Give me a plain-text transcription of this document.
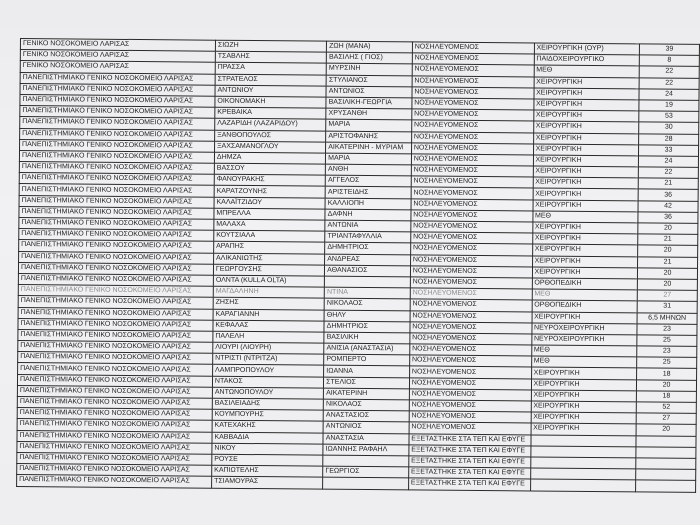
ΓΕΝΙΚΟ ΝΟΣΟΚΟΜΕΙΟ ΛΑΡΙΣΑΣ	ΣΙΩΖΗ	ΖΩΗ (ΜΑΝΑ)	ΝΟΣΗΛΕΥΟΜΕΝΟΣ	ΧΕΙΡΟΥΡΓΙΚΗ (ΟΥΡ)	39
ΓΕΝΙΚΟ ΝΟΣΟΚΟΜΕΙΟ ΛΑΡΙΣΑΣ	ΤΣΑΒΛΗΣ	ΒΑΣΙΛΗΣ ( ΓΙΟΣ)	ΝΟΣΗΛΕΥΟΜΕΝΟΣ	ΠΑΙΔΟΧΕΙΡΟΥΡΓΙΚΟ	8
ΓΕΝΙΚΟ ΝΟΣΟΚΟΜΕΙΟ ΛΑΡΙΣΑΣ	ΠΡΑΣΣΑ	ΜΥΡΣΙΝΗ	ΝΟΣΗΛΕΥΟΜΕΝΟΣ	ΜΕΘ	22
ΠΑΝΕΠΙΣΤΗΜΙΑΚΟ ΓΕΝΙΚΟ ΝΟΣΟΚΟΜΕΙΟ ΛΑΡΙΣΑΣ	ΣΤΡΑΤΕΛΟΣ	ΣΤΥΛΙΑΝΟΣ	ΝΟΣΗΛΕΥΟΜΕΝΟΣ	ΧΕΙΡΟΥΡΓΙΚΗ	22
ΠΑΝΕΠΙΣΤΗΜΙΑΚΟ ΓΕΝΙΚΟ ΝΟΣΟΚΟΜΕΙΟ ΛΑΡΙΣΑΣ	ΑΝΤΩΝΙΟΥ	ΑΝΤΩΝΙΟΣ	ΝΟΣΗΛΕΥΟΜΕΝΟΣ	ΧΕΙΡΟΥΡΓΙΚΗ	24
ΠΑΝΕΠΙΣΤΗΜΙΑΚΟ ΓΕΝΙΚΟ ΝΟΣΟΚΟΜΕΙΟ ΛΑΡΙΣΑΣ	ΟΙΚΟΝΟΜΑΚΗ	ΒΑΣΙΛΙΚΗ-ΓΕΩΡΓΙΑ	ΝΟΣΗΛΕΥΟΜΕΝΟΣ	ΧΕΙΡΟΥΡΓΙΚΗ	19
ΠΑΝΕΠΙΣΤΗΜΙΑΚΟ ΓΕΝΙΚΟ ΝΟΣΟΚΟΜΕΙΟ ΛΑΡΙΣΑΣ	ΚΡΕΒΑΙΚΑ	ΧΡΥΣΑΝΘΗ	ΝΟΣΗΛΕΥΟΜΕΝΟΣ	ΧΕΙΡΟΥΡΓΙΚΗ	53
ΠΑΝΕΠΙΣΤΗΜΙΑΚΟ ΓΕΝΙΚΟ ΝΟΣΟΚΟΜΕΙΟ ΛΑΡΙΣΑΣ	ΛΑΖΑΡΙΔΗ (ΛΑΖΑΡΙΔΟΥ)	ΜΑΡΙΑ	ΝΟΣΗΛΕΥΟΜΕΝΟΣ	ΧΕΙΡΟΥΡΓΙΚΗ	30
ΠΑΝΕΠΙΣΤΗΜΙΑΚΟ ΓΕΝΙΚΟ ΝΟΣΟΚΟΜΕΙΟ ΛΑΡΙΣΑΣ	ΞΑΝΘΟΠΟΥΛΟΣ	ΑΡΙΣΤΟΦΑΝΗΣ	ΝΟΣΗΛΕΥΟΜΕΝΟΣ	ΧΕΙΡΟΥΡΓΙΚΗ	28
ΠΑΝΕΠΙΣΤΗΜΙΑΚΟ ΓΕΝΙΚΟ ΝΟΣΟΚΟΜΕΙΟ ΛΑΡΙΣΑΣ	ΞΑΧΣΑΜΑΝΟΓΛΟΥ	ΑΙΚΑΤΕΡΙΝΗ - ΜΥΡΙΑΜ	ΝΟΣΗΛΕΥΟΜΕΝΟΣ	ΧΕΙΡΟΥΡΓΙΚΗ	33
ΠΑΝΕΠΙΣΤΗΜΙΑΚΟ ΓΕΝΙΚΟ ΝΟΣΟΚΟΜΕΙΟ ΛΑΡΙΣΑΣ	ΔΗΜΖΑ	ΜΑΡΙΑ	ΝΟΣΗΛΕΥΟΜΕΝΟΣ	ΧΕΙΡΟΥΡΓΙΚΗ	24
ΠΑΝΕΠΙΣΤΗΜΙΑΚΟ ΓΕΝΙΚΟ ΝΟΣΟΚΟΜΕΙΟ ΛΑΡΙΣΑΣ	ΒΑΣΣΟΥ	ΑΝΘΗ	ΝΟΣΗΛΕΥΟΜΕΝΟΣ	ΧΕΙΡΟΥΡΓΙΚΗ	22
ΠΑΝΕΠΙΣΤΗΜΙΑΚΟ ΓΕΝΙΚΟ ΝΟΣΟΚΟΜΕΙΟ ΛΑΡΙΣΑΣ	ΦΑΝΟΥΡΑΚΗΣ	ΑΓΓΕΛΟΣ	ΝΟΣΗΛΕΥΟΜΕΝΟΣ	ΧΕΙΡΟΥΡΓΙΚΗ	21
ΠΑΝΕΠΙΣΤΗΜΙΑΚΟ ΓΕΝΙΚΟ ΝΟΣΟΚΟΜΕΙΟ ΛΑΡΙΣΑΣ	ΚΑΡΑΤΖΟΥΝΗΣ	ΑΡΙΣΤΕΙΔΗΣ	ΝΟΣΗΛΕΥΟΜΕΝΟΣ	ΧΕΙΡΟΥΡΓΙΚΗ	36
ΠΑΝΕΠΙΣΤΗΜΙΑΚΟ ΓΕΝΙΚΟ ΝΟΣΟΚΟΜΕΙΟ ΛΑΡΙΣΑΣ	ΚΑΛΑΪΤΖΙΔΟΥ	ΚΑΛΛΙΟΠΗ	ΝΟΣΗΛΕΥΟΜΕΝΟΣ	ΧΕΙΡΟΥΡΓΙΚΗ	42
ΠΑΝΕΠΙΣΤΗΜΙΑΚΟ ΓΕΝΙΚΟ ΝΟΣΟΚΟΜΕΙΟ ΛΑΡΙΣΑΣ	ΜΠΡΕΛΛΑ	ΔΑΦΝΗ	ΝΟΣΗΛΕΥΟΜΕΝΟΣ	ΜΕΘ	36
ΠΑΝΕΠΙΣΤΗΜΙΑΚΟ ΓΕΝΙΚΟ ΝΟΣΟΚΟΜΕΙΟ ΛΑΡΙΣΑΣ	ΜΑΛΑΧΑ	ΑΝΤΩΝΙΑ	ΝΟΣΗΛΕΥΟΜΕΝΟΣ	ΧΕΙΡΟΥΡΓΙΚΗ	20
ΠΑΝΕΠΙΣΤΗΜΙΑΚΟ ΓΕΝΙΚΟ ΝΟΣΟΚΟΜΕΙΟ ΛΑΡΙΣΑΣ	ΚΟΥΤΣΙΑΛΑ	ΤΡΙΑΝΤΑΦΥΛΛΙΑ	ΝΟΣΗΛΕΥΟΜΕΝΟΣ	ΧΕΙΡΟΥΡΓΙΚΗ	21
ΠΑΝΕΠΙΣΤΗΜΙΑΚΟ ΓΕΝΙΚΟ ΝΟΣΟΚΟΜΕΙΟ ΛΑΡΙΣΑΣ	ΑΡΑΠΗΣ	ΔΗΜΗΤΡΙΟΣ	ΝΟΣΗΛΕΥΟΜΕΝΟΣ	ΧΕΙΡΟΥΡΓΙΚΗ	20
ΠΑΝΕΠΙΣΤΗΜΙΑΚΟ ΓΕΝΙΚΟ ΝΟΣΟΚΟΜΕΙΟ ΛΑΡΙΣΑΣ	ΑΛΙΚΑΝΙΩΤΗΣ	ΑΝΔΡΕΑΣ	ΝΟΣΗΛΕΥΟΜΕΝΟΣ	ΧΕΙΡΟΥΡΓΙΚΗ	21
ΠΑΝΕΠΙΣΤΗΜΙΑΚΟ ΓΕΝΙΚΟ ΝΟΣΟΚΟΜΕΙΟ ΛΑΡΙΣΑΣ	ΓΕΩΡΓΟΥΣΗΣ	ΑΘΑΝΑΣΙΟΣ	ΝΟΣΗΛΕΥΟΜΕΝΟΣ	ΧΕΙΡΟΥΡΓΙΚΗ	20
ΠΑΝΕΠΙΣΤΗΜΙΑΚΟ ΓΕΝΙΚΟ ΝΟΣΟΚΟΜΕΙΟ ΛΑΡΙΣΑΣ	ΟΛΝΤΑ (KULLA OLTA)		ΝΟΣΗΛΕΥΟΜΕΝΟΣ	ΟΡΘΟΠΕΔΙΚΗ	20
ΠΑΝΕΠΙΣΤΗΜΙΑΚΟ ΓΕΝΙΚΟ ΝΟΣΟΚΟΜΕΙΟ ΛΑΡΙΣΑΣ	ΜΑΓΔΑΛΗΝΗ	ΝΤΙΝΑ	ΝΟΣΗΛΕΥΟΜΕΝΟΣ	ΜΕΘ	27
ΠΑΝΕΠΙΣΤΗΜΙΑΚΟ ΓΕΝΙΚΟ ΝΟΣΟΚΟΜΕΙΟ ΛΑΡΙΣΑΣ	ΖΗΣΗΣ	ΝΙΚΟΛΑΟΣ	ΝΟΣΗΛΕΥΟΜΕΝΟΣ	ΟΡΘΟΠΕΔΙΚΗ	31
ΠΑΝΕΠΙΣΤΗΜΙΑΚΟ ΓΕΝΙΚΟ ΝΟΣΟΚΟΜΕΙΟ ΛΑΡΙΣΑΣ	ΚΑΡΑΓΙΑΝΝΗ	ΘΗΛΥ	ΝΟΣΗΛΕΥΟΜΕΝΟΣ	ΧΕΙΡΟΥΡΓΙΚΗ	6,5 ΜΗΝΩΝ
ΠΑΝΕΠΙΣΤΗΜΙΑΚΟ ΓΕΝΙΚΟ ΝΟΣΟΚΟΜΕΙΟ ΛΑΡΙΣΑΣ	ΚΕΦΑΛΑΣ	ΔΗΜΗΤΡΙΟΣ	ΝΟΣΗΛΕΥΟΜΕΝΟΣ	ΝΕΥΡΟΧΕΙΡΟΥΡΓΙΚΗ	23
ΠΑΝΕΠΙΣΤΗΜΙΑΚΟ ΓΕΝΙΚΟ ΝΟΣΟΚΟΜΕΙΟ ΛΑΡΙΣΑΣ	ΠΑΛΕΛΗ	ΒΑΣΙΛΙΚΗ	ΝΟΣΗΛΕΥΟΜΕΝΟΣ	ΝΕΥΡΟΧΕΙΡΟΥΡΓΙΚΗ	25
ΠΑΝΕΠΙΣΤΗΜΙΑΚΟ ΓΕΝΙΚΟ ΝΟΣΟΚΟΜΕΙΟ ΛΑΡΙΣΑΣ	ΛΙΟΥΡΙ (ΛΙΟΥΡΗ)	ΑΝΙΣΙΑ (ΑΝΑΣΤΑΣΙΑ)	ΝΟΣΗΛΕΥΟΜΕΝΟΣ	ΜΕΘ	23
ΠΑΝΕΠΙΣΤΗΜΙΑΚΟ ΓΕΝΙΚΟ ΝΟΣΟΚΟΜΕΙΟ ΛΑΡΙΣΑΣ	ΝΤΡΙΣΤΙ (ΝΤΡΙΤΖΑ)	ΡΟΜΠΕΡΤΟ	ΝΟΣΗΛΕΥΟΜΕΝΟΣ	ΜΕΘ	25
ΠΑΝΕΠΙΣΤΗΜΙΑΚΟ ΓΕΝΙΚΟ ΝΟΣΟΚΟΜΕΙΟ ΛΑΡΙΣΑΣ	ΛΑΜΠΡΟΠΟΥΛΟΥ	ΙΩΑΝΝΑ	ΝΟΣΗΛΕΥΟΜΕΝΟΣ	ΧΕΙΡΟΥΡΓΙΚΗ	18
ΠΑΝΕΠΙΣΤΗΜΙΑΚΟ ΓΕΝΙΚΟ ΝΟΣΟΚΟΜΕΙΟ ΛΑΡΙΣΑΣ	ΝΤΑΚΟΣ	ΣΤΕΛΙΟΣ	ΝΟΣΗΛΕΥΟΜΕΝΟΣ	ΧΕΙΡΟΥΡΓΙΚΗ	20
ΠΑΝΕΠΙΣΤΗΜΙΑΚΟ ΓΕΝΙΚΟ ΝΟΣΟΚΟΜΕΙΟ ΛΑΡΙΣΑΣ	ΑΝΤΩΝΟΠΟΥΛΟΥ	ΑΙΚΑΤΕΡΙΝΗ	ΝΟΣΗΛΕΥΟΜΕΝΟΣ	ΧΕΙΡΟΥΡΓΙΚΗ	18
ΠΑΝΕΠΙΣΤΗΜΙΑΚΟ ΓΕΝΙΚΟ ΝΟΣΟΚΟΜΕΙΟ ΛΑΡΙΣΑΣ	ΒΑΣΙΛΕΙΑΔΗΣ	ΝΙΚΟΛΑΟΣ	ΝΟΣΗΛΕΥΟΜΕΝΟΣ	ΧΕΙΡΟΥΡΓΙΚΗ	52
ΠΑΝΕΠΙΣΤΗΜΙΑΚΟ ΓΕΝΙΚΟ ΝΟΣΟΚΟΜΕΙΟ ΛΑΡΙΣΑΣ	ΚΟΥΜΠΟΥΡΗΣ	ΑΝΑΣΤΑΣΙΟΣ	ΝΟΣΗΛΕΥΟΜΕΝΟΣ	ΧΕΙΡΟΥΡΓΙΚΗ	27
ΠΑΝΕΠΙΣΤΗΜΙΑΚΟ ΓΕΝΙΚΟ ΝΟΣΟΚΟΜΕΙΟ ΛΑΡΙΣΑΣ	ΚΑΤΕΧΑΚΗΣ	ΑΝΤΩΝΙΟΣ	ΝΟΣΗΛΕΥΟΜΕΝΟΣ	ΧΕΙΡΟΥΡΓΙΚΗ	20
ΠΑΝΕΠΙΣΤΗΜΙΑΚΟ ΓΕΝΙΚΟ ΝΟΣΟΚΟΜΕΙΟ ΛΑΡΙΣΑΣ	ΚΑΒΒΑΔΙΑ	ΑΝΑΣΤΑΣΙΑ	ΕΞΕΤΑΣΤΗΚΕ ΣΤΑ ΤΕΠ ΚΑΙ ΕΦΥΓΕ		
ΠΑΝΕΠΙΣΤΗΜΙΑΚΟ ΓΕΝΙΚΟ ΝΟΣΟΚΟΜΕΙΟ ΛΑΡΙΣΑΣ	ΝΙΚΟΥ	ΙΩΑΝΝΗΣ ΡΑΦΑΗΛ	ΕΞΕΤΑΣΤΗΚΕ ΣΤΑ ΤΕΠ ΚΑΙ ΕΦΥΓΕ		
ΠΑΝΕΠΙΣΤΗΜΙΑΚΟ ΓΕΝΙΚΟ ΝΟΣΟΚΟΜΕΙΟ ΛΑΡΙΣΑΣ	ΡΟΥΣΕ		ΕΞΕΤΑΣΤΗΚΕ ΣΤΑ ΤΕΠ ΚΑΙ ΕΦΥΓΕ		
ΠΑΝΕΠΙΣΤΗΜΙΑΚΟ ΓΕΝΙΚΟ ΝΟΣΟΚΟΜΕΙΟ ΛΑΡΙΣΑΣ	ΚΑΠΙΩΤΕΛΗΣ	ΓΕΩΡΓΙΟΣ	ΕΞΕΤΑΣΤΗΚΕ ΣΤΑ ΤΕΠ ΚΑΙ ΕΦΥΓΕ		
ΠΑΝΕΠΙΣΤΗΜΙΑΚΟ ΓΕΝΙΚΟ ΝΟΣΟΚΟΜΕΙΟ ΛΑΡΙΣΑΣ	ΤΣΙΑΜΟΥΡΑΣ		ΕΞΕΤΑΣΤΗΚΕ ΣΤΑ ΤΕΠ ΚΑΙ ΕΦΥΓΕ		
